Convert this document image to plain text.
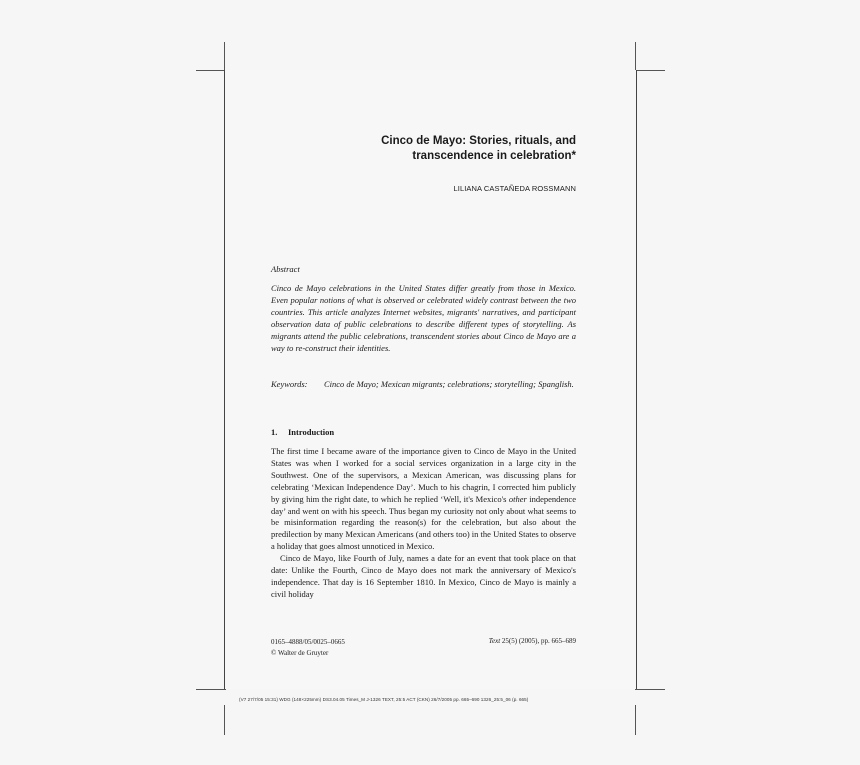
Cinco de Mayo: Stories, rituals, and
transcendence in celebration*
LILIANA CASTAÑEDA ROSSMANN
Abstract
Cinco de Mayo celebrations in the United States differ greatly from those in Mexico. Even popular notions of what is observed or celebrated widely contrast between the two countries. This article analyzes Internet websites, migrants' narratives, and participant observation data of public celebrations to describe different types of storytelling. As migrants attend the public celebrations, transcendent stories about Cinco de Mayo are a way to re-construct their identities.
Keywords:	Cinco de Mayo; Mexican migrants; celebrations; storytelling; Spanglish.
1. Introduction

The first time I became aware of the importance given to Cinco de Mayo in the United States was when I worked for a social services organization in a large city in the Southwest. One of the supervisors, a Mexican American, was discussing plans for celebrating ‘Mexican Independence Day’. Much to his chagrin, I corrected him publicly by giving him the right date, to which he replied ‘Well, it's Mexico's other independence day’ and went on with his speech. Thus began my curiosity not only about what seems to be misinformation regarding the reason(s) for the celebration, but also about the predilection by many Mexican Americans (and others too) in the United States to observe a holiday that goes almost unnoticed in Mexico.

Cinco de Mayo, like Fourth of July, names a date for an event that took place on that date: Unlike the Fourth, Cinco de Mayo does not mark the anniversary of Mexico's independence. That day is 16 September 1810. In Mexico, Cinco de Mayo is mainly a civil holiday

0165–4888/05/0025–0665
© Walter de Gruyter
Text 25(5) (2005), pp. 665–689
(V7 27/7/05 15:31) WDG (148×225mm) DS3.04.05 Times_M J-1326 TEXT, 25:5 ACT (CKN) 26/7/2005 pp. 665–690 1326_25:5_06 (p. 665)
